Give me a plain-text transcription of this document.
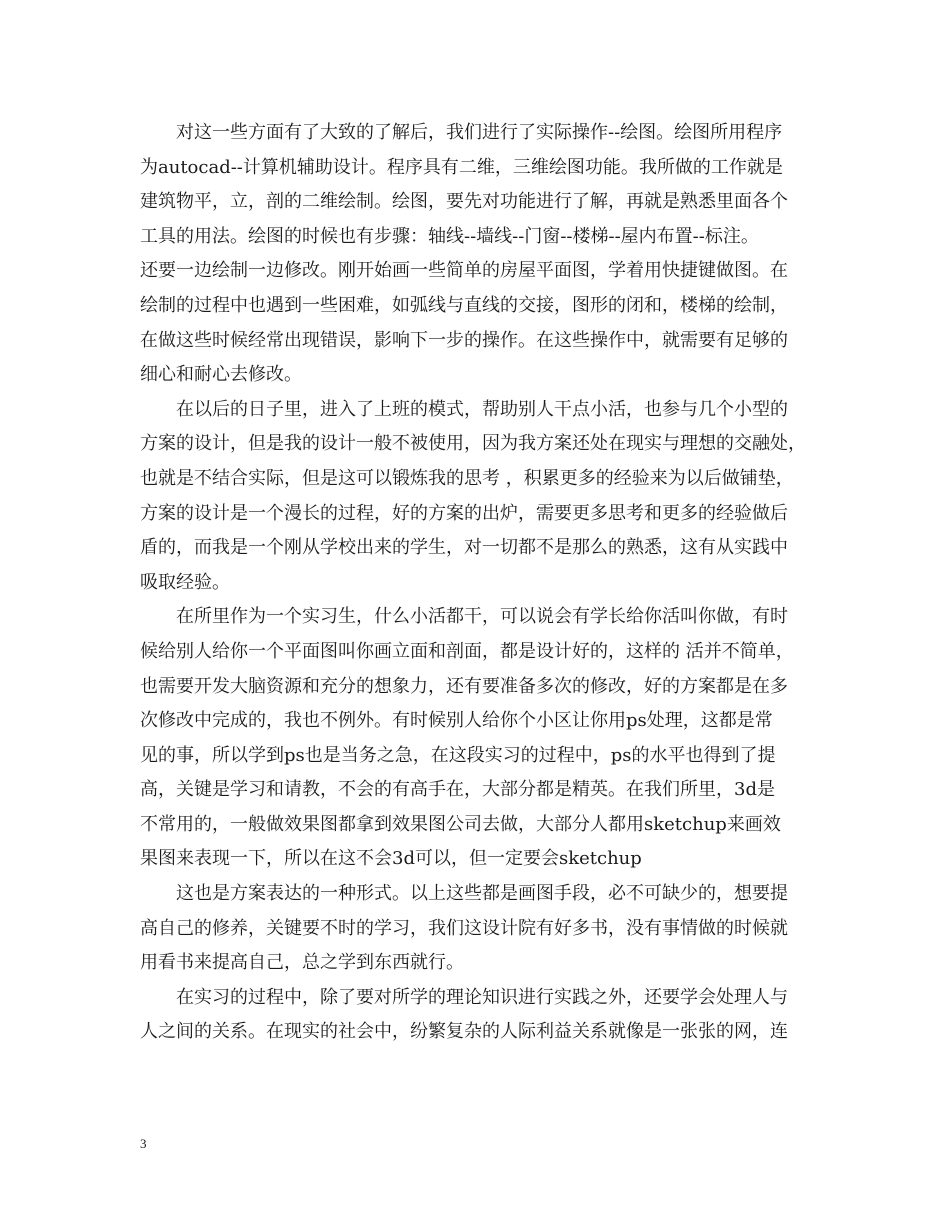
对这一些方面有了大致的了解后，我们进行了实际操作--绘图。绘图所用程序
为autocad--计算机辅助设计。程序具有二维，三维绘图功能。我所做的工作就是
建筑物平，立，剖的二维绘制。绘图，要先对功能进行了解，再就是熟悉里面各个
工具的用法。绘图的时候也有步骤：轴线--墙线--门窗--楼梯--屋内布置--标注。
还要一边绘制一边修改。刚开始画一些简单的房屋平面图，学着用快捷键做图。在
绘制的过程中也遇到一些困难，如弧线与直线的交接，图形的闭和，楼梯的绘制，
在做这些时候经常出现错误，影响下一步的操作。在这些操作中，就需要有足够的
细心和耐心去修改。
在以后的日子里，进入了上班的模式，帮助别人干点小活，也参与几个小型的
方案的设计，但是我的设计一般不被使用，因为我方案还处在现实与理想的交融处，
也就是不结合实际，但是这可以锻炼我的思考 ，积累更多的经验来为以后做铺垫，
方案的设计是一个漫长的过程，好的方案的出炉，需要更多思考和更多的经验做后
盾的，而我是一个刚从学校出来的学生，对一切都不是那么的熟悉，这有从实践中
吸取经验。
在所里作为一个实习生，什么小活都干，可以说会有学长给你活叫你做，有时
候给别人给你一个平面图叫你画立面和剖面，都是设计好的，这样的 活并不简单，
也需要开发大脑资源和充分的想象力，还有要准备多次的修改，好的方案都是在多
次修改中完成的，我也不例外。有时候别人给你个小区让你用ps处理，这都是常
见的事，所以学到ps也是当务之急，在这段实习的过程中，ps的水平也得到了提
高，关键是学习和请教，不会的有高手在，大部分都是精英。在我们所里，3d是
不常用的，一般做效果图都拿到效果图公司去做，大部分人都用sketchup来画效
果图来表现一下，所以在这不会3d可以，但一定要会sketchup
这也是方案表达的一种形式。以上这些都是画图手段，必不可缺少的，想要提
高自己的修养，关键要不时的学习，我们这设计院有好多书，没有事情做的时候就
用看书来提高自己，总之学到东西就行。
在实习的过程中，除了要对所学的理论知识进行实践之外，还要学会处理人与
人之间的关系。在现实的社会中，纷繁复杂的人际利益关系就像是一张张的网，连
3
